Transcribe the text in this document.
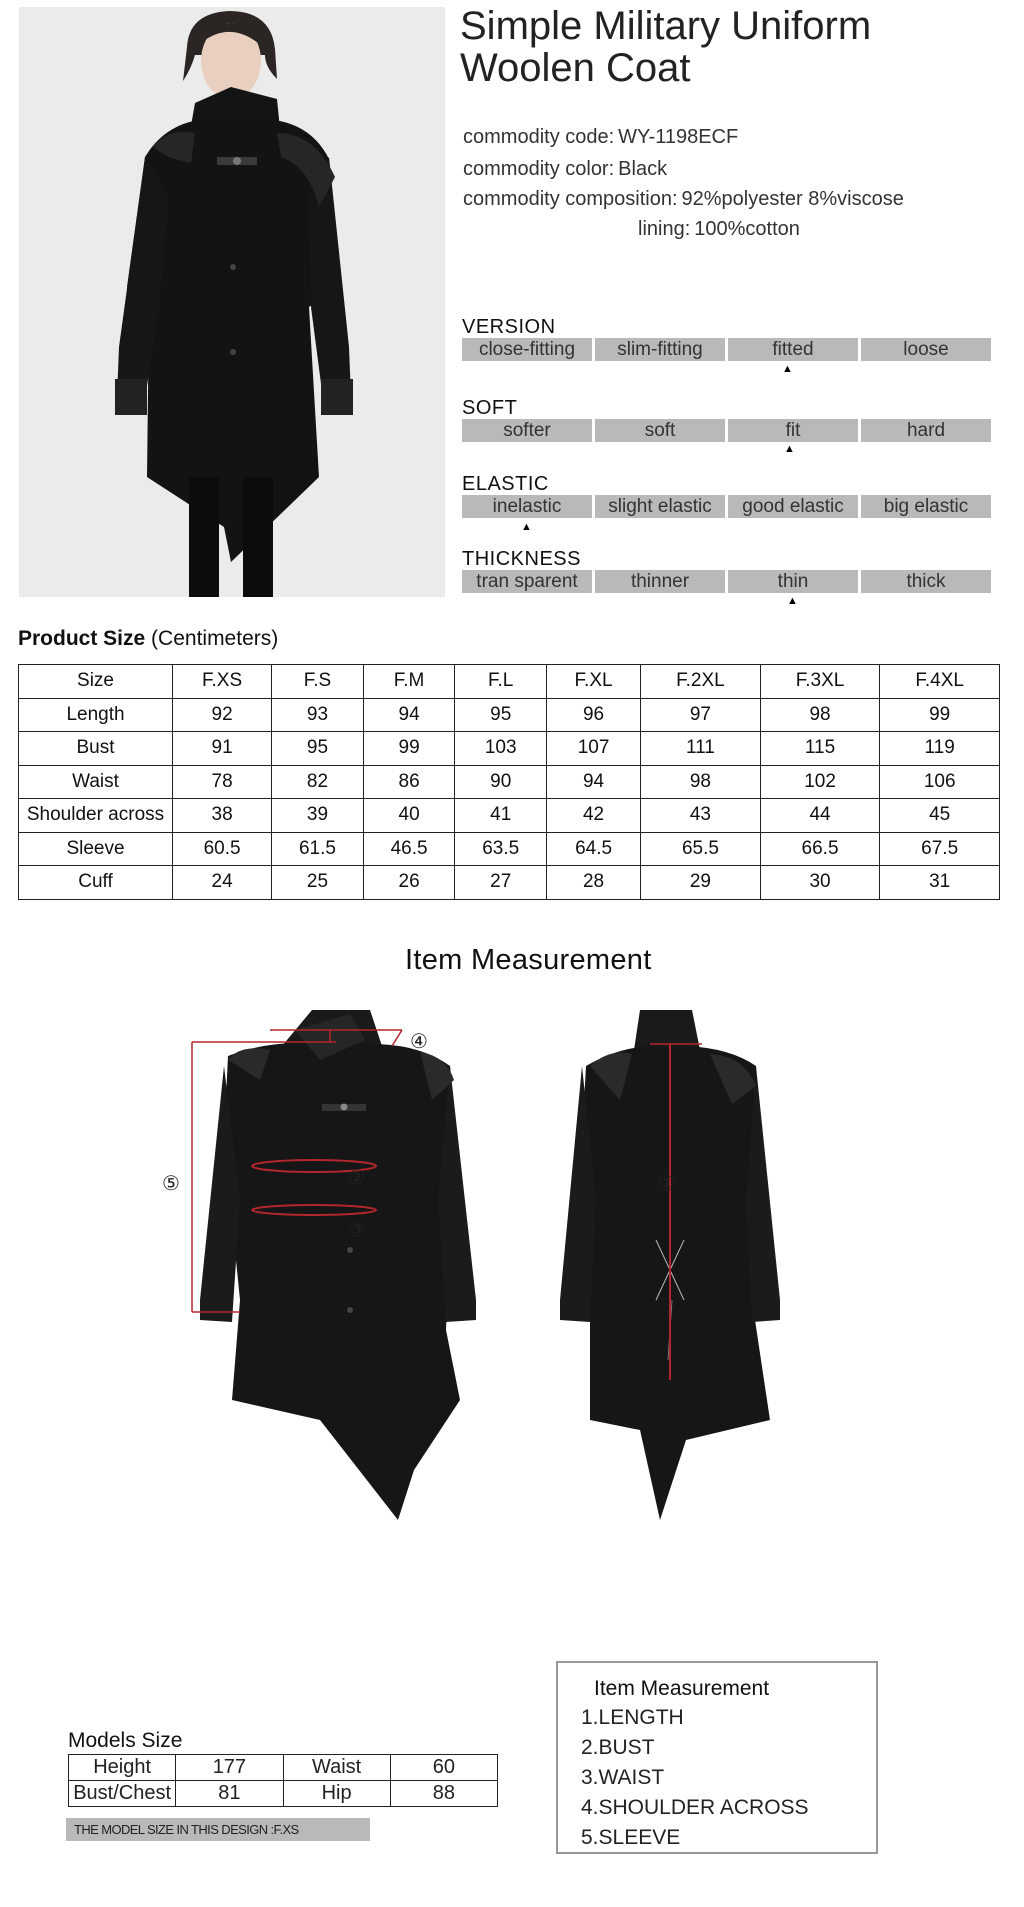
Simple Military Uniform
Woolen Coat
commodity code: WY-1198ECF
commodity color: Black
commodity composition: 92%polyester 8%viscose
lining: 100%cotton
VERSION
close-fitting	slim-fitting	fitted	loose
▲
SOFT
softer	soft	fit	hard
▲
ELASTIC
inelastic	slight elastic	good elastic	big elastic
▲
THICKNESS
tran sparent	thinner	thin	thick
▲
Product Size (Centimeters)
Size	F.XS	F.S	F.M	F.L	F.XL	F.2XL	F.3XL	F.4XL
Length	92	93	94	95	96	97	98	99
Bust	91	95	99	103	107	111	115	119
Waist	78	82	86	90	94	98	102	106
Shoulder across	38	39	40	41	42	43	44	45
Sleeve	60.5	61.5	46.5	63.5	64.5	65.5	66.5	67.5
Cuff	24	25	26	27	28	29	30	31
Item Measurement
④
⑤	②
③
①
Item Measurement
1.LENGTH
2.BUST
3.WAIST
4.SHOULDER ACROSS
5.SLEEVE
Models Size
Height	177	Waist	60
Bust/Chest	81	Hip	88
THE MODEL SIZE IN THIS DESIGN :F.XS
